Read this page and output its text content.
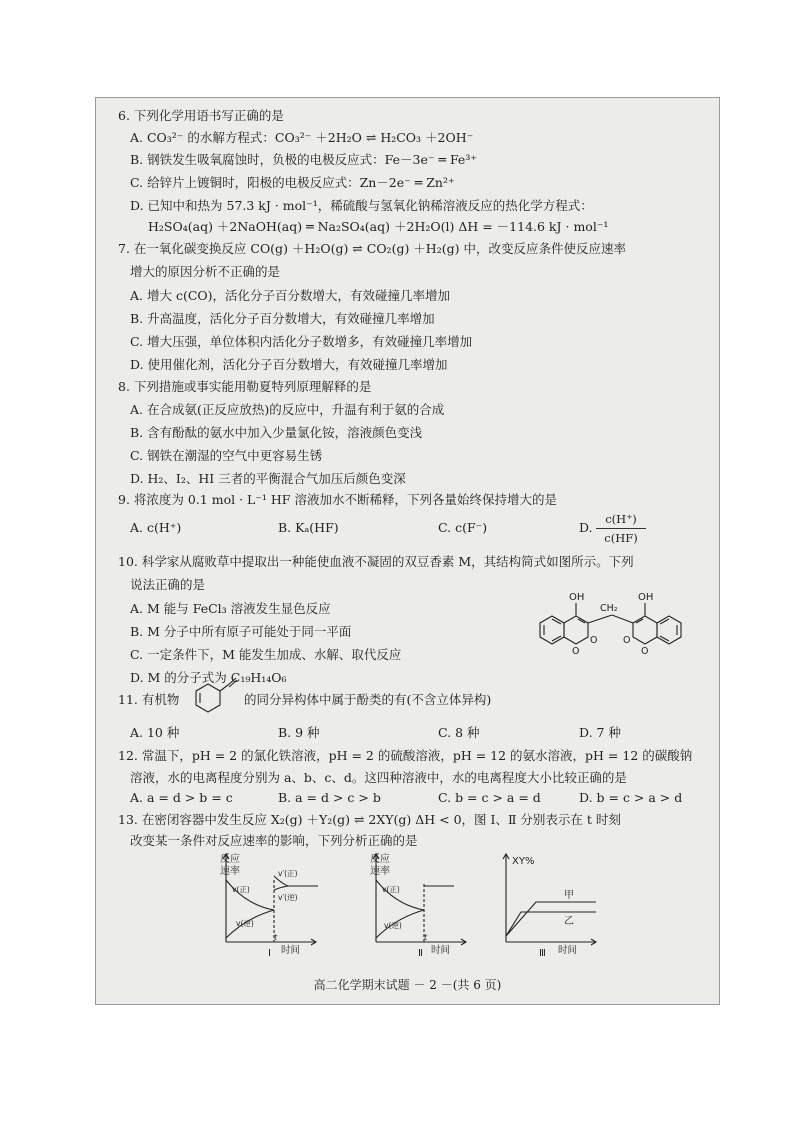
6. 下列化学用语书写正确的是
A. CO₃²⁻ 的水解方程式：CO₃²⁻ ＋2H₂O ⇌ H₂CO₃ ＋2OH⁻
B. 钢铁发生吸氧腐蚀时，负极的电极反应式：Fe－3e⁻ ═ Fe³⁺
C. 给锌片上镀铜时，阳极的电极反应式：Zn－2e⁻ ═ Zn²⁺
D. 已知中和热为 57.3 kJ · mol⁻¹，稀硫酸与氢氧化钠稀溶液反应的热化学方程式：
H₂SO₄(aq) ＋2NaOH(aq) ═ Na₂SO₄(aq) ＋2H₂O(l) ΔH = －114.6 kJ · mol⁻¹
7. 在一氧化碳变换反应 CO(g) ＋H₂O(g) ⇌ CO₂(g) ＋H₂(g) 中，改变反应条件使反应速率
增大的原因分析不正确的是
A. 增大 c(CO)，活化分子百分数增大，有效碰撞几率增加
B. 升高温度，活化分子百分数增大，有效碰撞几率增加
C. 增大压强，单位体积内活化分子数增多，有效碰撞几率增加
D. 使用催化剂，活化分子百分数增大，有效碰撞几率增加
8. 下列措施或事实能用勒夏特列原理解释的是
A. 在合成氨(正反应放热)的反应中，升温有利于氨的合成
B. 含有酚酞的氨水中加入少量氯化铵，溶液颜色变浅
C. 钢铁在潮湿的空气中更容易生锈
D. H₂、I₂、HI 三者的平衡混合气加压后颜色变深
9. 将浓度为 0.1 mol · L⁻¹ HF 溶液加水不断稀释，下列各量始终保持增大的是
A. c(H⁺)	B. Kₐ(HF)	C. c(F⁻)	D.
c(H⁺)
c(HF)
10. 科学家从腐败草中提取出一种能使血液不凝固的双豆香素 M，其结构简式如图所示。下列
说法正确的是
A. M 能与 FeCl₃ 溶液发生显色反应
B. M 分子中所有原子可能处于同一平面
C. 一定条件下，M 能发生加成、水解、取代反应
D. M 的分子式为 C₁₉H₁₄O₆
OH	OH
CH₂
O
O	O
O
11. 有机物	的同分异构体中属于酚类的有(不含立体异构)
A. 10 种	B. 9 种	C. 8 种	D. 7 种
12. 常温下，pH = 2 的氯化铁溶液，pH = 2 的硫酸溶液，pH = 12 的氨水溶液，pH = 12 的碳酸钠
溶液，水的电离程度分别为 a、b、c、d。这四种溶液中，水的电离程度大小比较正确的是
A. a = d > b = c	B. a = d > c > b	C. b = c > a = d	D. b = c > a > d
13. 在密闭容器中发生反应 X₂(g) ＋Y₂(g) ⇌ 2XY(g) ΔH < 0，图 Ⅰ、Ⅱ 分别表示在 t 时刻
改变某一条件对反应速率的影响，下列分析正确的是
反应
速率	v′(正)
v′(逆)
v(正)
v(逆)
t
时间
Ⅰ
反应
速率
v(正)
v(逆)
t
时间
Ⅱ
XY%
甲
乙
时间
Ⅲ
高二化学期末试题 － 2 －(共 6 页)
